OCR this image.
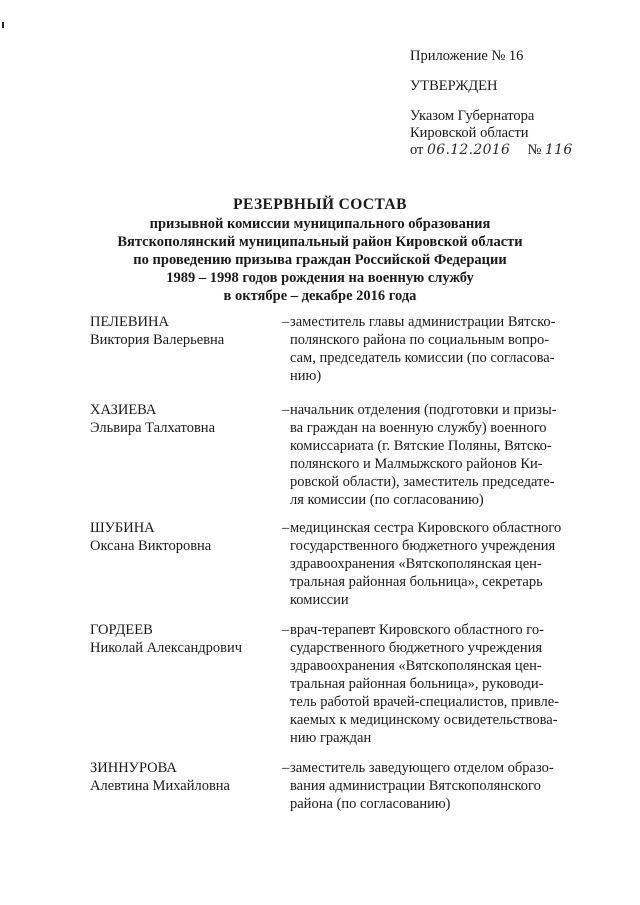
Приложение № 16
УТВЕРЖДЕН
Указом Губернатора
Кировской области
от 06.12.2016 № 116
РЕЗЕРВНЫЙ СОСТАВ
призывной комиссии муниципального образования
Вятскополянский муниципальный район Кировской области
по проведению призыва граждан Российской Федерации
1989 – 1998 годов рождения на военную службу
в октябре – декабре 2016 года
ПЕЛЕВИНА
Виктория Валерьевна
– заместитель главы администрации Вятско-
полянского района по социальным вопро-
сам, председатель комиссии (по согласова-
нию)
ХАЗИЕВА
Эльвира Талхатовна
– начальник отделения (подготовки и призы-
ва граждан на военную службу) военного
комиссариата (г. Вятские Поляны, Вятско-
полянского и Малмыжского районов Ки-
ровской области), заместитель председате-
ля комиссии (по согласованию)
ШУБИНА
Оксана Викторовна
– медицинская сестра Кировского областного
государственного бюджетного учреждения
здравоохранения «Вятскополянская цен-
тральная районная больница», секретарь
комиссии
ГОРДЕЕВ
Николай Александрович
– врач-терапевт Кировского областного го-
сударственного бюджетного учреждения
здравоохранения «Вятскополянская цен-
тральная районная больница», руководи-
тель работой врачей-специалистов, привле-
каемых к медицинскому освидетельствова-
нию граждан
ЗИННУРОВА
Алевтина Михайловна
– заместитель заведующего отделом образо-
вания администрации Вятскополянского
района (по согласованию)
